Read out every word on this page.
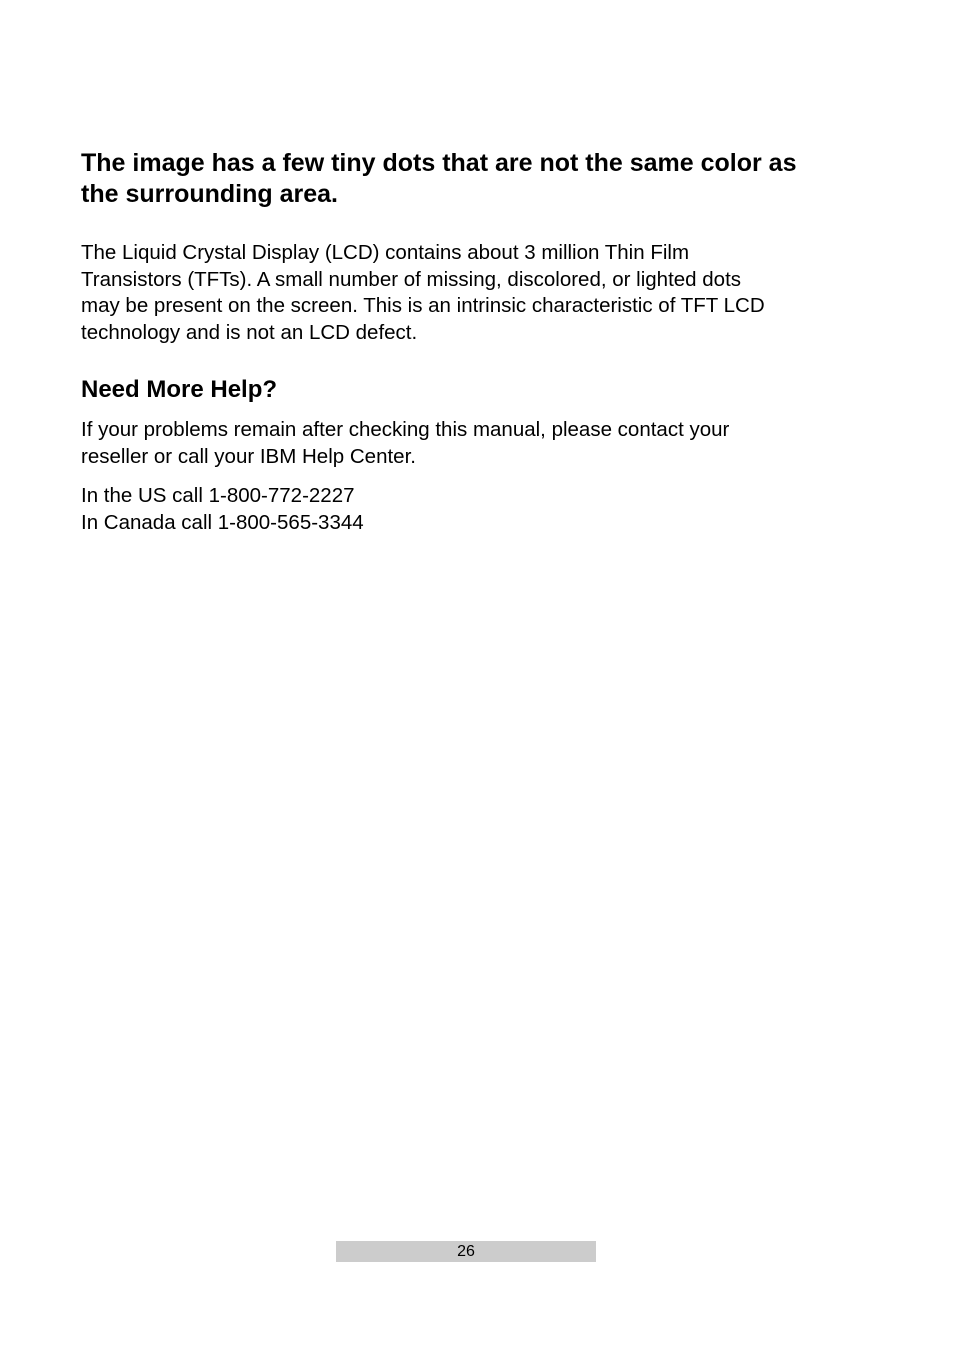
The image has a few tiny dots that are not the same color as
the surrounding area.

The Liquid Crystal Display (LCD) contains about 3 million Thin Film
Transistors (TFTs). A small number of missing, discolored, or lighted dots
may be present on the screen. This is an intrinsic characteristic of TFT LCD
technology and is not an LCD defect.

Need More Help?

If your problems remain after checking this manual, please contact your
reseller or call your IBM Help Center.

In the US call 1-800-772-2227
In Canada call 1-800-565-3344

26
